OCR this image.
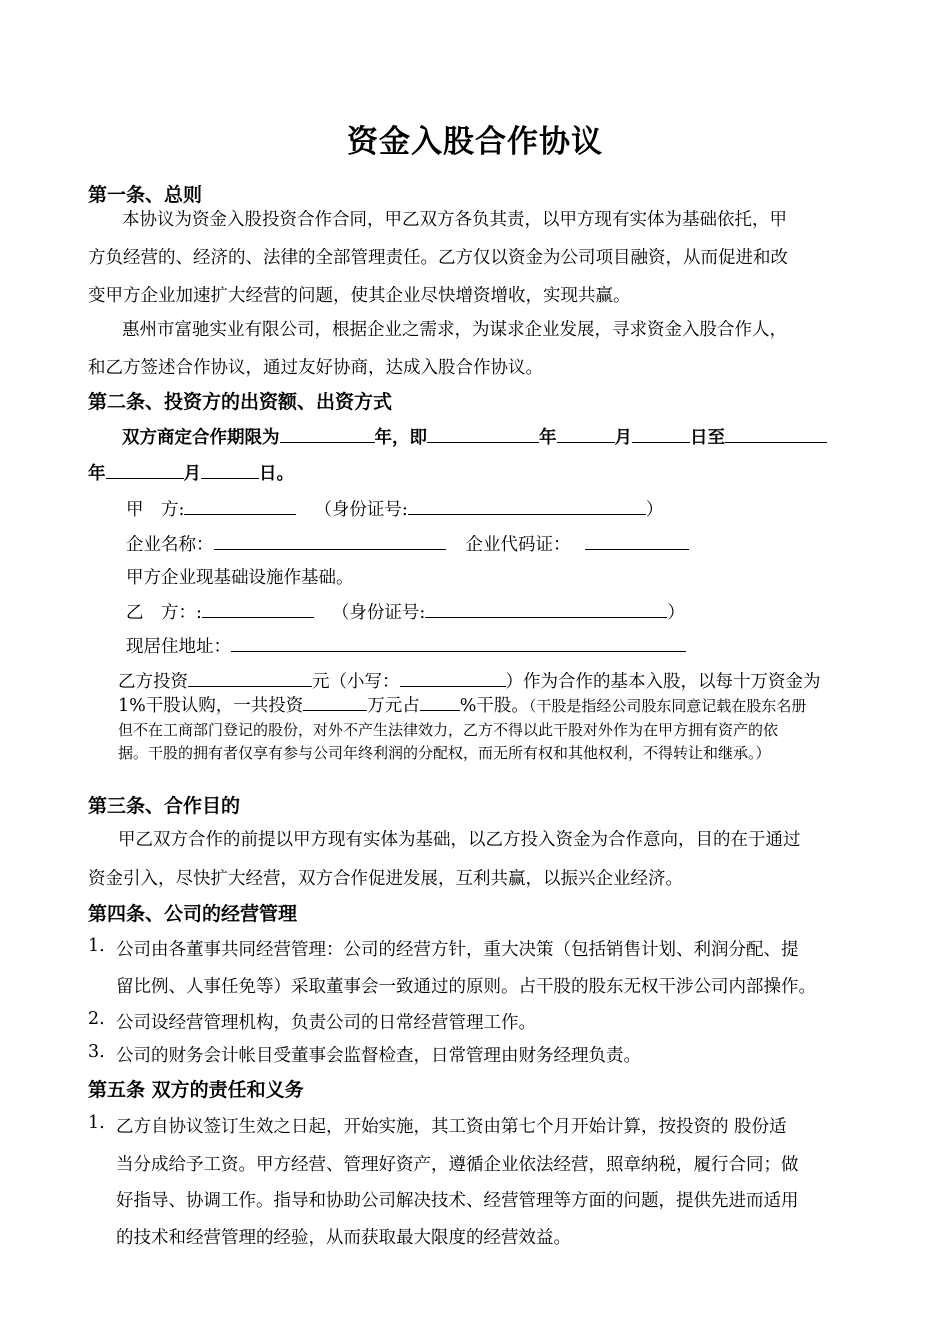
资金入股合作协议
第一条、总则
本协议为资金入股投资合作合同，甲乙双方各负其责，以甲方现有实体为基础依托，甲
方负经营的、经济的、法律的全部管理责任。乙方仅以资金为公司项目融资，从而促进和改
变甲方企业加速扩大经营的问题，使其企业尽快增资增收，实现共赢。
惠州市富驰实业有限公司，根据企业之需求，为谋求企业发展，寻求资金入股合作人，
和乙方签述合作协议，通过友好协商，达成入股合作协议。
第二条、投资方的出资额、出资方式
双方商定合作期限为	年，即	年	月	日至
年	月	日。
甲　方:	（身份证号:	）
企业名称：	企业代码证：
甲方企业现基础设施作基础。
乙　方：:	（身份证号:	）
现居住地址：
乙方投资	元（小写：	）作为合作的基本入股，以每十万资金为
1%干股认购，一共投资	万元占 %干股。（干股是指经公司股东同意记载在股东名册
但不在工商部门登记的股份，对外不产生法律效力，乙方不得以此干股对外作为在甲方拥有资产的依
据。干股的拥有者仅享有参与公司年终利润的分配权，而无所有权和其他权利，不得转让和继承。）
第三条、合作目的
甲乙双方合作的前提以甲方现有实体为基础，以乙方投入资金为合作意向，目的在于通过
资金引入，尽快扩大经营，双方合作促进发展，互利共赢，以振兴企业经济。
第四条、公司的经营管理
1. 公司由各董事共同经营管理：公司的经营方针，重大决策（包括销售计划、利润分配、提
留比例、人事任免等）采取董事会一致通过的原则。占干股的股东无权干涉公司内部操作。
2. 公司设经营管理机构，负责公司的日常经营管理工作。
3. 公司的财务会计帐目受董事会监督检查，日常管理由财务经理负责。
第五条 双方的责任和义务
1. 乙方自协议签订生效之日起，开始实施，其工资由第七个月开始计算，按投资的 股份适
当分成给予工资。甲方经营、管理好资产，遵循企业依法经营，照章纳税，履行合同；做
好指导、协调工作。指导和协助公司解决技术、经营管理等方面的问题，提供先进而适用
的技术和经营管理的经验，从而获取最大限度的经营效益。
